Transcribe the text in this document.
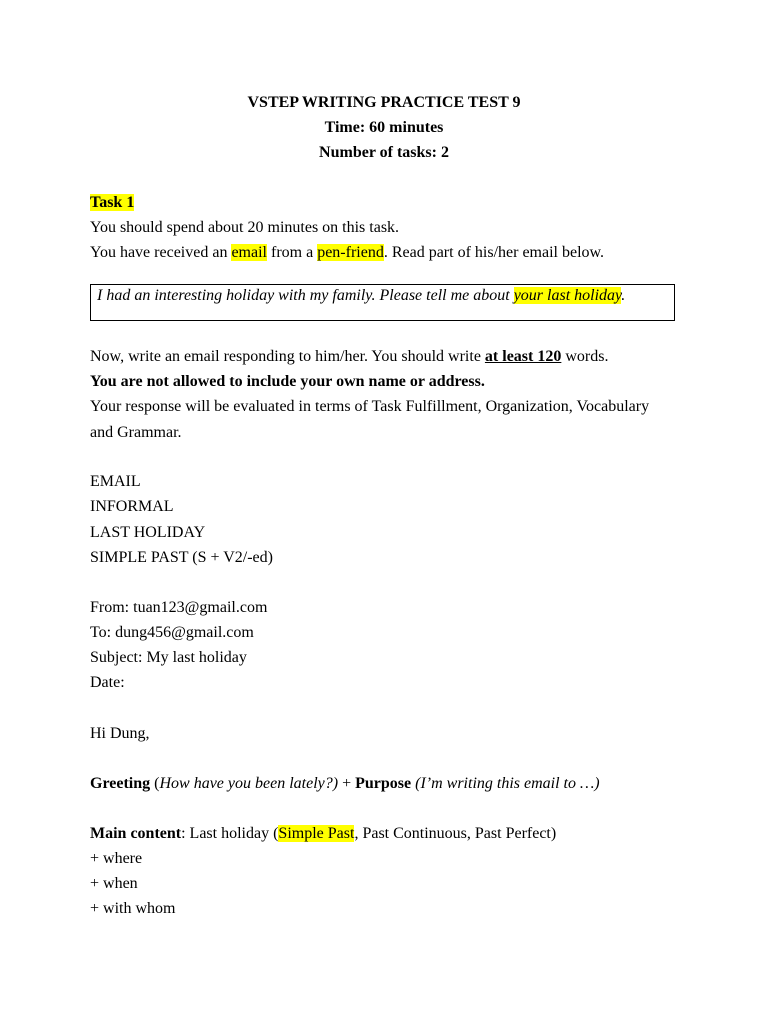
VSTEP WRITING PRACTICE TEST 9
Time: 60 minutes
Number of tasks: 2
Task 1
You should spend about 20 minutes on this task.
You have received an email from a pen-friend. Read part of his/her email below.
I had an interesting holiday with my family. Please tell me about your last holiday.
Now, write an email responding to him/her. You should write at least 120 words.
You are not allowed to include your own name or address.
Your response will be evaluated in terms of Task Fulfillment, Organization, Vocabulary
and Grammar.
EMAIL
INFORMAL
LAST HOLIDAY
SIMPLE PAST (S + V2/-ed)
From: tuan123@gmail.com
To: dung456@gmail.com
Subject: My last holiday
Date:
Hi Dung,
Greeting (How have you been lately?) + Purpose (I’m writing this email to …)
Main content: Last holiday (Simple Past, Past Continuous, Past Perfect)
+ where
+ when
+ with whom
